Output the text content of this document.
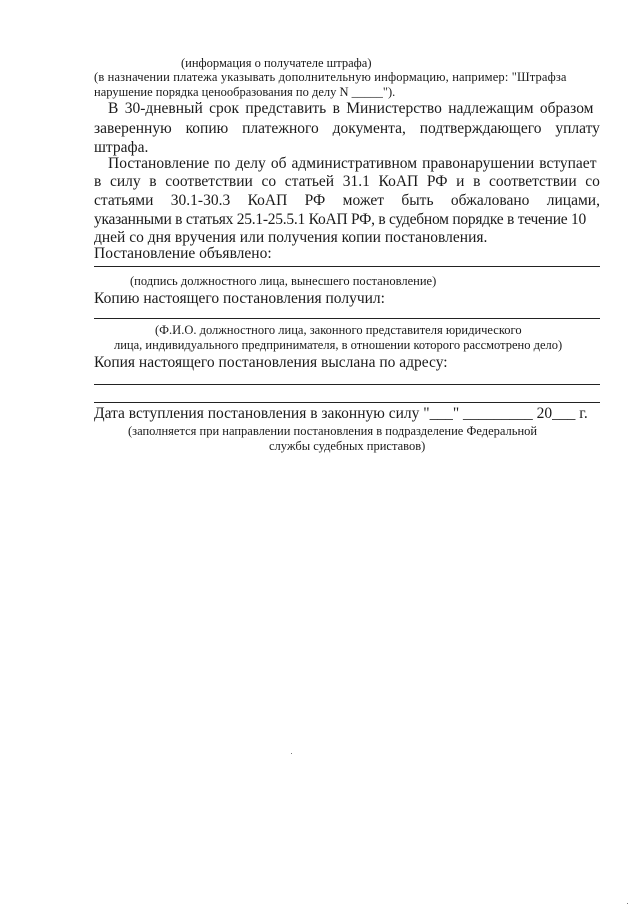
(информация о получателе штрафа)
(в назначении платежа указывать дополнительную информацию, например: "Штрафза
нарушение порядка ценообразования по делу N _____").
В 30-дневный срок представить в Министерство надлежащим образом
заверенную копию платежного документа, подтверждающего уплату
штрафа.
Постановление по делу об административном правонарушении вступает
в силу в соответствии со статьей 31.1 КоАП РФ и в соответствии со
статьями 30.1-30.3 КоАП РФ может быть обжаловано лицами,
указанными в статьях 25.1-25.5.1 КоАП РФ, в судебном порядке в течение 10
дней со дня вручения или получения копии постановления.
Постановление объявлено:
(подпись должностного лица, вынесшего постановление)
Копию настоящего постановления получил:
(Ф.И.О. должностного лица, законного представителя юридического
лица, индивидуального предпринимателя, в отношении которого рассмотрено дело)
Копия настоящего постановления выслана по адресу:
Дата вступления постановления в законную силу "___" _________ 20___ г.
(заполняется при направлении постановления в подразделение Федеральной
службы судебных приставов)
